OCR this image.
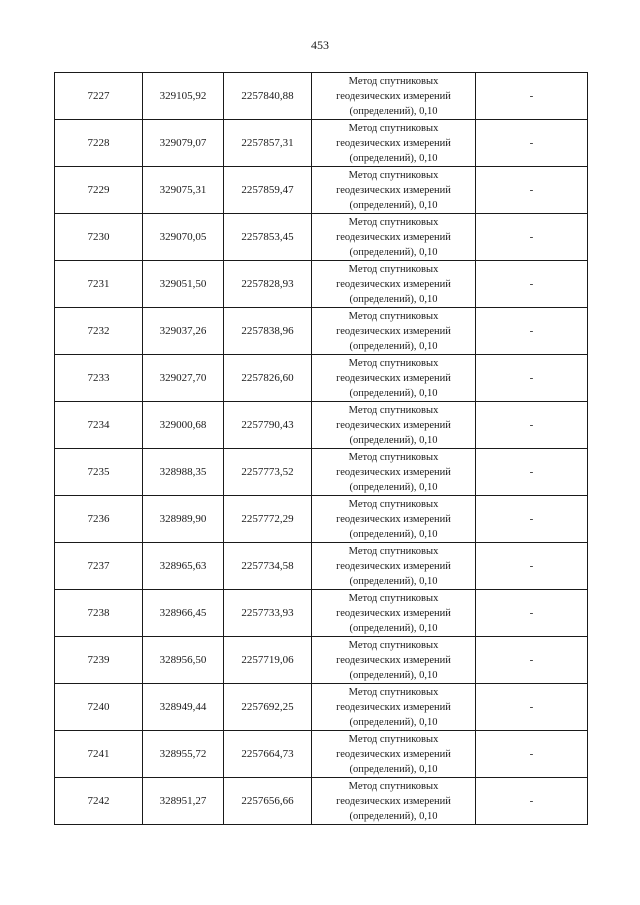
453
7227	329105,92	2257840,88	Метод спутниковых
геодезических измерений
(определений), 0,10	-
7228	329079,07	2257857,31	Метод спутниковых
геодезических измерений
(определений), 0,10	-
7229	329075,31	2257859,47	Метод спутниковых
геодезических измерений
(определений), 0,10	-
7230	329070,05	2257853,45	Метод спутниковых
геодезических измерений
(определений), 0,10	-
7231	329051,50	2257828,93	Метод спутниковых
геодезических измерений
(определений), 0,10	-
7232	329037,26	2257838,96	Метод спутниковых
геодезических измерений
(определений), 0,10	-
7233	329027,70	2257826,60	Метод спутниковых
геодезических измерений
(определений), 0,10	-
7234	329000,68	2257790,43	Метод спутниковых
геодезических измерений
(определений), 0,10	-
7235	328988,35	2257773,52	Метод спутниковых
геодезических измерений
(определений), 0,10	-
7236	328989,90	2257772,29	Метод спутниковых
геодезических измерений
(определений), 0,10	-
7237	328965,63	2257734,58	Метод спутниковых
геодезических измерений
(определений), 0,10	-
7238	328966,45	2257733,93	Метод спутниковых
геодезических измерений
(определений), 0,10	-
7239	328956,50	2257719,06	Метод спутниковых
геодезических измерений
(определений), 0,10	-
7240	328949,44	2257692,25	Метод спутниковых
геодезических измерений
(определений), 0,10	-
7241	328955,72	2257664,73	Метод спутниковых
геодезических измерений
(определений), 0,10	-
7242	328951,27	2257656,66	Метод спутниковых
геодезических измерений
(определений), 0,10	-
